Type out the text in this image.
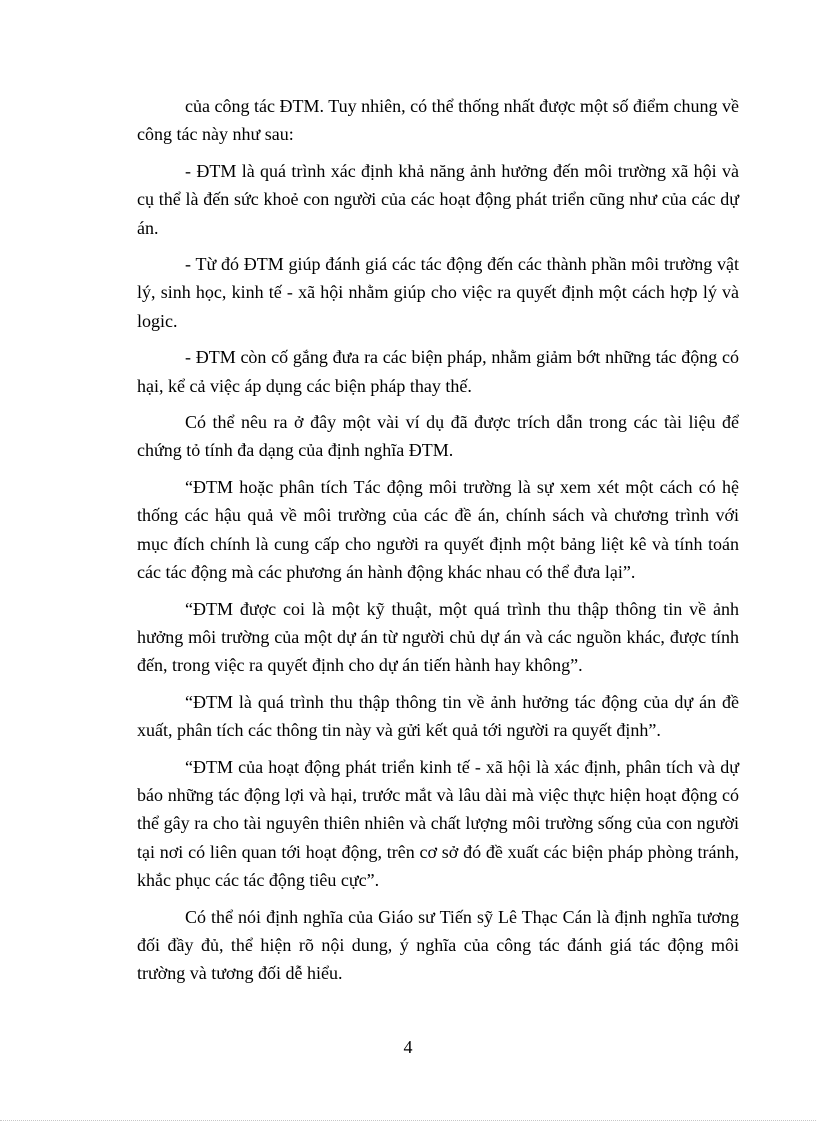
của công tác ĐTM. Tuy nhiên, có thể thống nhất được một số điểm chung về công tác này như sau:

- ĐTM là quá trình xác định khả năng ảnh hưởng đến môi trường xã hội và cụ thể là đến sức khoẻ con người của các hoạt động phát triển cũng như của các dự án.

- Từ đó ĐTM giúp đánh giá các tác động đến các thành phần môi trường vật lý, sinh học, kinh tế - xã hội nhằm giúp cho việc ra quyết định một cách hợp lý và logic.

- ĐTM còn cố gắng đưa ra các biện pháp, nhằm giảm bớt những tác động có hại, kể cả việc áp dụng các biện pháp thay thế.

Có thể nêu ra ở đây một vài ví dụ đã được trích dẫn trong các tài liệu để chứng tỏ tính đa dạng của định nghĩa ĐTM.

“ĐTM hoặc phân tích Tác động môi trường là sự xem xét một cách có hệ thống các hậu quả về môi trường của các đề án, chính sách và chương trình với mục đích chính là cung cấp cho người ra quyết định một bảng liệt kê và tính toán các tác động mà các phương án hành động khác nhau có thể đưa lại”.

“ĐTM được coi là một kỹ thuật, một quá trình thu thập thông tin về ảnh hưởng môi trường của một dự án từ người chủ dự án và các nguồn khác, được tính đến, trong việc ra quyết định cho dự án tiến hành hay không”.

“ĐTM là quá trình thu thập thông tin về ảnh hưởng tác động của dự án đề xuất, phân tích các thông tin này và gửi kết quả tới người ra quyết định”.

“ĐTM của hoạt động phát triển kinh tế - xã hội là xác định, phân tích và dự báo những tác động lợi và hại, trước mắt và lâu dài mà việc thực hiện hoạt động có thể gây ra cho tài nguyên thiên nhiên và chất lượng môi trường sống của con người tại nơi có liên quan tới hoạt động, trên cơ sở đó đề xuất các biện pháp phòng tránh, khắc phục các tác động tiêu cực”.

Có thể nói định nghĩa của Giáo sư Tiến sỹ Lê Thạc Cán là định nghĩa tương đối đầy đủ, thể hiện rõ nội dung, ý nghĩa của công tác đánh giá tác động môi trường và tương đối dễ hiểu.

4
